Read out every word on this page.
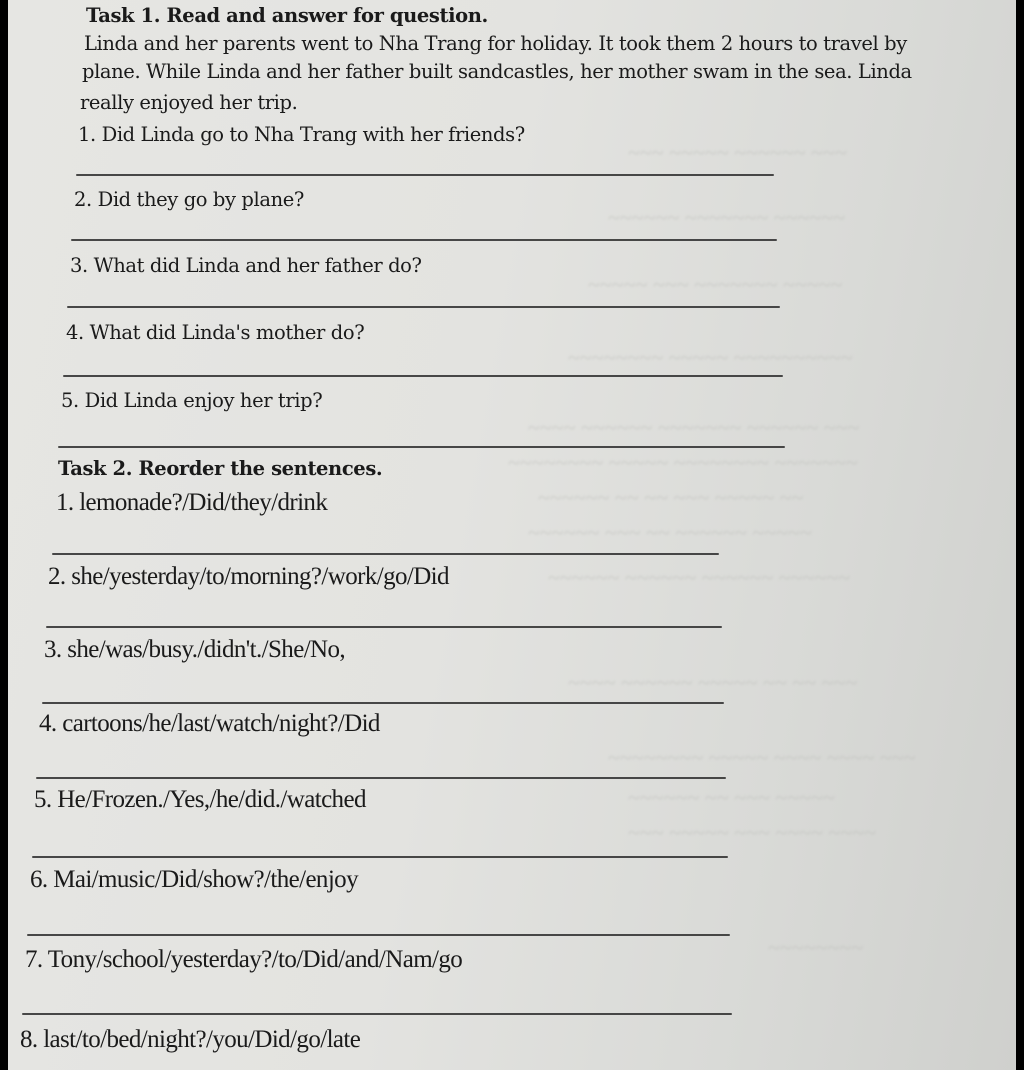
~~~ ~~~~~ ~~~~~~ ~~~
~~~~~~ ~~~~~~~ ~~~~~~
~~~~~ ~~~ ~~~~~~~ ~~~~~
~~~~~~~~ ~~~~~ ~~~~~~~~~~
~~~~ ~~~~~~ ~~~~~~~ ~~~~~~ ~~~
~~~~~~~~ ~~~~~ ~~~~~~~~ ~~~~~~~
~~~~~~ ~~ ~~ ~~~ ~~~~~ ~~
~~~~~~ ~~~ ~~ ~~~~~~ ~~~~~
~~~~~~ ~~~~~~ ~~~~~~ ~~~~~~
~~~~ ~~~~~~ ~~~~~ ~~ ~~ ~~~
~~~~~~~~ ~~~~~ ~~~~ ~~~~ ~~~
~~~~~~ ~~ ~~~ ~~~~~
~~~ ~~~~~ ~~~ ~~~~ ~~~~
~~~~~~~~
Task 1. Read and answer for question.
Linda and her parents went to Nha Trang for holiday. It took them 2 hours to travel by
plane. While Linda and her father built sandcastles, her mother swam in the sea. Linda
really enjoyed her trip.
1. Did Linda go to Nha Trang with her friends?
2. Did they go by plane?
3. What did Linda and her father do?
4. What did Linda's mother do?
5. Did Linda enjoy her trip?
Task 2. Reorder the sentences.
1. lemonade?/Did/they/drink
2. she/yesterday/to/morning?/work/go/Did
3. she/was/busy./didn't./She/No,
4. cartoons/he/last/watch/night?/Did
5. He/Frozen./Yes,/he/did./watched
6. Mai/music/Did/show?/the/enjoy
7. Tony/school/yesterday?/to/Did/and/Nam/go
8. last/to/bed/night?/you/Did/go/late
